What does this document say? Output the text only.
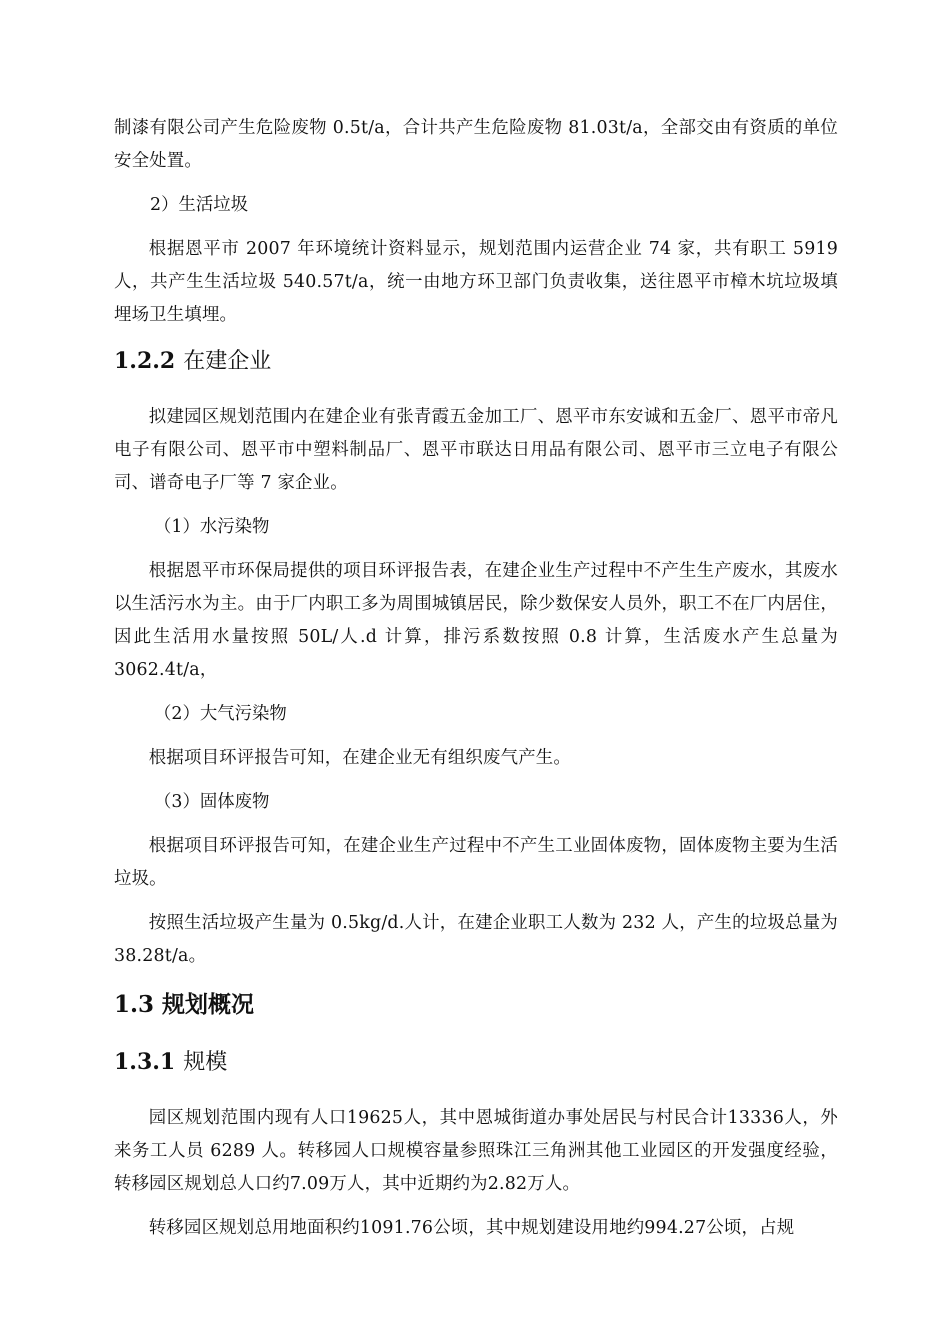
制漆有限公司产生危险废物 0.5t/a，合计共产生危险废物 81.03t/a，全部交由有资质的单位安全处置。

2）生活垃圾

根据恩平市 2007 年环境统计资料显示，规划范围内运营企业 74 家，共有职工 5919 人，共产生生活垃圾 540.57t/a，统一由地方环卫部门负责收集，送往恩平市樟木坑垃圾填埋场卫生填埋。

1.2.2 在建企业

拟建园区规划范围内在建企业有张青霞五金加工厂、恩平市东安诚和五金厂、恩平市帝凡电子有限公司、恩平市中塑料制品厂、恩平市联达日用品有限公司、恩平市三立电子有限公司、谱奇电子厂等 7 家企业。

（1）水污染物

根据恩平市环保局提供的项目环评报告表，在建企业生产过程中不产生生产废水，其废水以生活污水为主。由于厂内职工多为周围城镇居民，除少数保安人员外，职工不在厂内居住，因此生活用水量按照 50L/人.d 计算，排污系数按照 0.8 计算，生活废水产生总量为 3062.4t/a，

（2）大气污染物

根据项目环评报告可知，在建企业无有组织废气产生。

（3）固体废物

根据项目环评报告可知，在建企业生产过程中不产生工业固体废物，固体废物主要为生活垃圾。

按照生活垃圾产生量为 0.5kg/d.人计，在建企业职工人数为 232 人，产生的垃圾总量为 38.28t/a。

1.3 规划概况
1.3.1 规模

园区规划范围内现有人口19625人，其中恩城街道办事处居民与村民合计13336人，外来务工人员 6289 人。转移园人口规模容量参照珠江三角洲其他工业园区的开发强度经验，转移园区规划总人口约7.09万人，其中近期约为2.82万人。

转移园区规划总用地面积约1091.76公顷，其中规划建设用地约994.27公顷，占规
